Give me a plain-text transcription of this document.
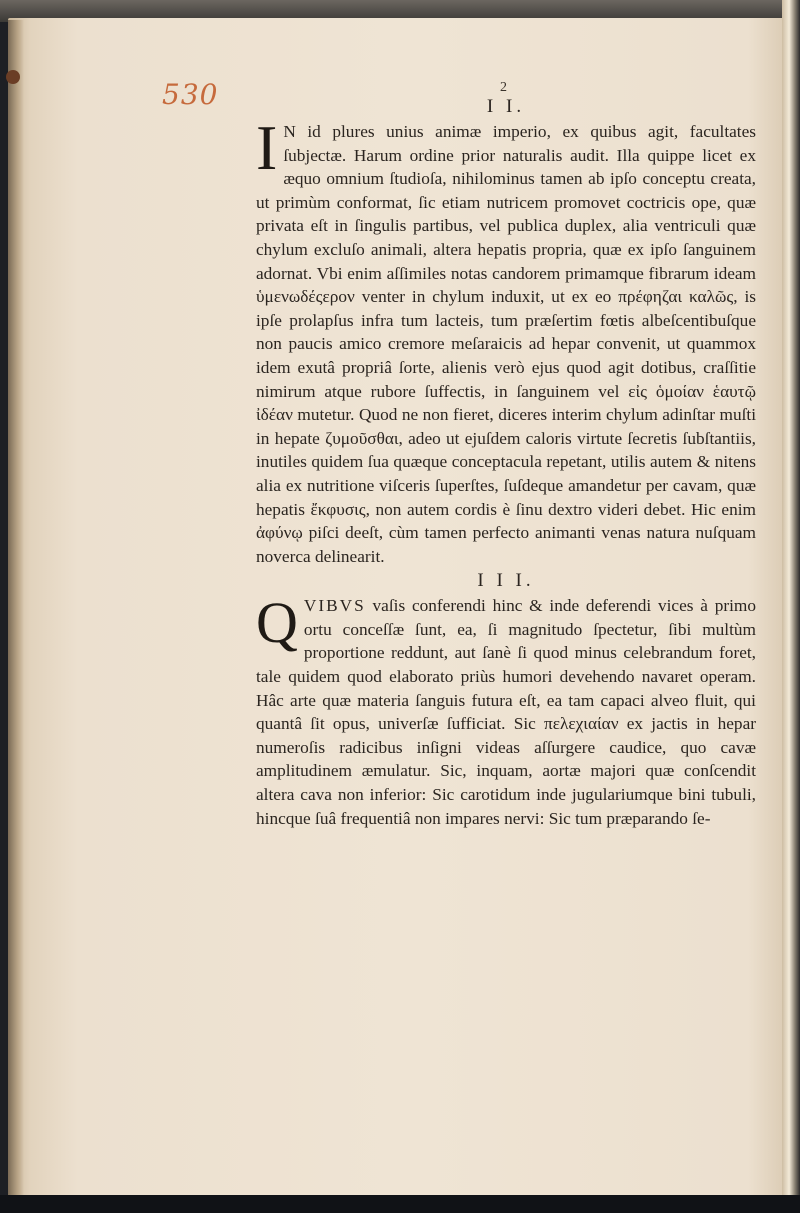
530	2

I I.

I N id plures unius animæ imperio, ex quibus agit, facultates ſubjectæ. Harum ordine prior naturalis audit. Illa quippe licet ex æquo omnium ſtudioſa, nihilominus tamen ab ipſo conceptu creata, ut primùm conformat, ſic etiam nutricem promovet coctricis ope, quæ privata eſt in ſingulis partibus, vel publica duplex, alia ventriculi quæ chylum excluſo animali, altera hepatis propria, quæ ex ipſo ſanguinem adornat. Vbi enim aſſimiles notas candorem primamque fibrarum ideam ὑμενωδέςερον venter in chylum induxit, ut ex eo πρέφηζαι καλῶς, is ipſe prolapſus infra tum lacteis, tum præſertim fœtis albeſcentibuſque non paucis amico cremore meſaraicis ad hepar convenit, ut quammox idem exutâ propriâ ſorte, alienis verò ejus quod agit dotibus, craſſitie nimirum atque rubore ſuffectis, in ſanguinem vel εἰς ὁμοίαν ἑαυτῷ ἰδέαν mutetur. Quod ne non fieret, diceres interim chylum adinſtar muſti in hepate ζυμοῦσθαι, adeo ut ejuſdem caloris virtute ſecretis ſubſtantiis, inutiles quidem ſua quæque conceptacula repetant, utilis autem & nitens alia ex nutritione viſceris ſuperſtes, ſuſdeque amandetur per cavam, quæ hepatis ἔκφυσις, non autem cordis è ſinu dextro videri debet. Hic enim ἀφύνῳ piſci deeſt, cùm tamen perfecto animanti venas natura nuſquam noverca delinearit.

I I I.

Q VIBVS vaſis conferendi hinc & inde deferendi vices à primo ortu conceſſæ ſunt, ea, ſi magnitudo ſpectetur, ſibi multùm proportione reddunt, aut ſanè ſi quod minus celebrandum foret, tale quidem quod elaborato priùs humori devehendo navaret operam. Hâc arte quæ materia ſanguis futura eſt, ea tam capaci alveo fluit, qui quantâ ſit opus, univerſæ ſufficiat. Sic πελεχιαίαν ex jactis in hepar numeroſis radicibus inſigni videas aſſurgere caudice, quo cavæ amplitudinem æmulatur. Sic, inquam, aortæ majori quæ conſcendit altera cava non inferior: Sic carotidum inde jugulariumque bini tubuli, hincque ſuâ frequentiâ non impares nervi: Sic tum præparando ſe-
